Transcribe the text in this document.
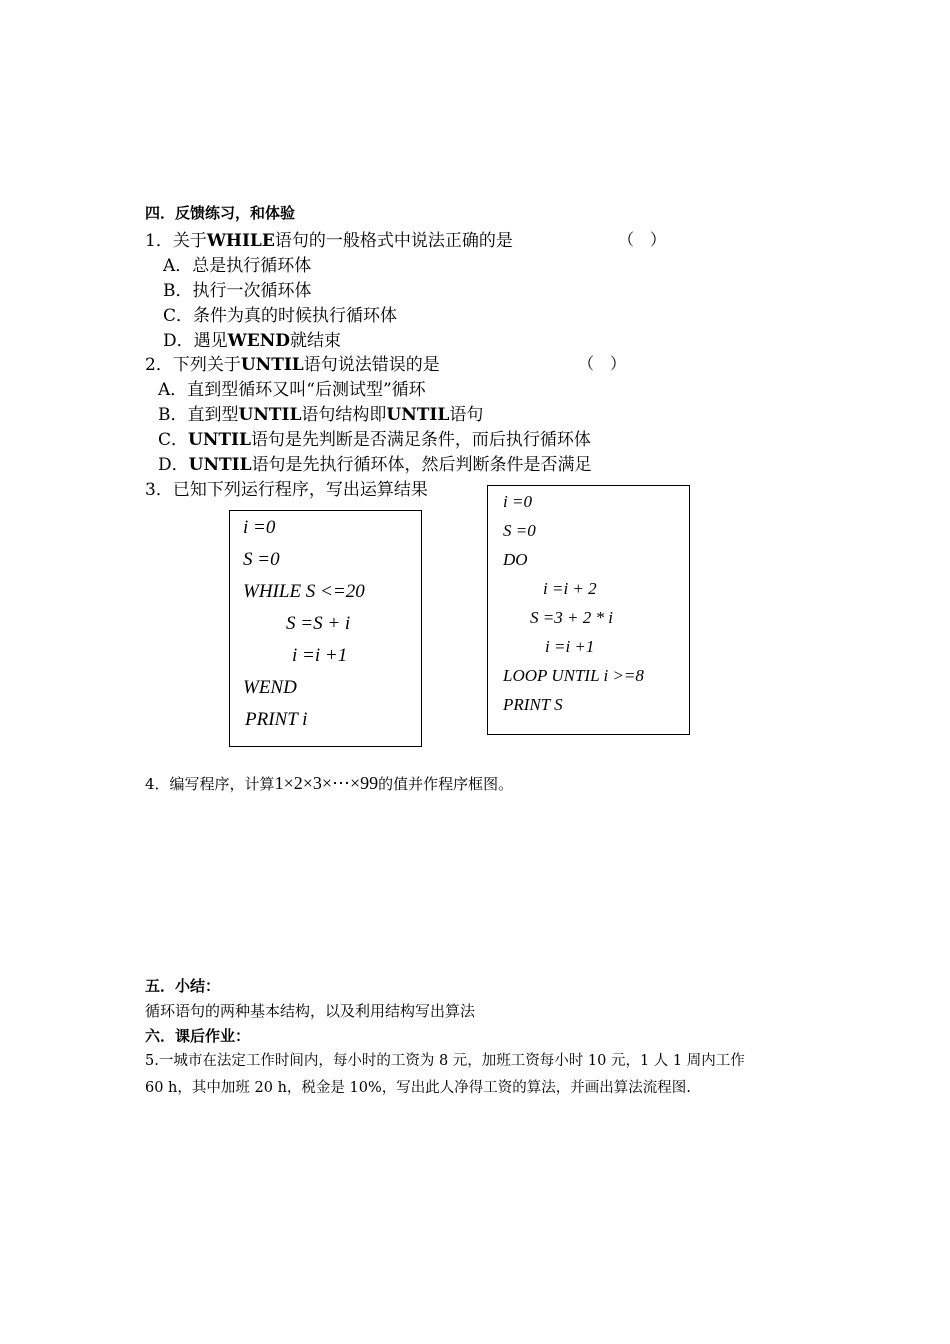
四．反馈练习，和体验
1．关于WHILE语句的一般格式中说法正确的是	（　）
A．总是执行循环体
B．执行一次循环体
C．条件为真的时候执行循环体
D．遇见WEND就结束
2．下列关于UNTIL语句说法错误的是	（　）
A．直到型循环又叫“后测试型”循环
B．直到型UNTIL语句结构即UNTIL语句
C．UNTIL语句是先判断是否满足条件，而后执行循环体
D．UNTIL语句是先执行循环体，然后判断条件是否满足
3．已知下列运行程序，写出运算结果
i =0
S =0
WHILE S <=20
S =S + i
i =i +1
WEND
PRINT i
i =0
S =0
DO
i =i + 2
S =3 + 2 * i
i =i +1
LOOP UNTIL i >=8
PRINT S
4．编写程序，计算1×2×3×⋯×99的值并作程序框图。
五．小结：
循环语句的两种基本结构，以及利用结构写出算法
六．课后作业：
5.一城市在法定工作时间内，每小时的工资为 8 元，加班工资每小时 10 元，1 人 1 周内工作
60 h，其中加班 20 h，税金是 10%，写出此人净得工资的算法，并画出算法流程图.
